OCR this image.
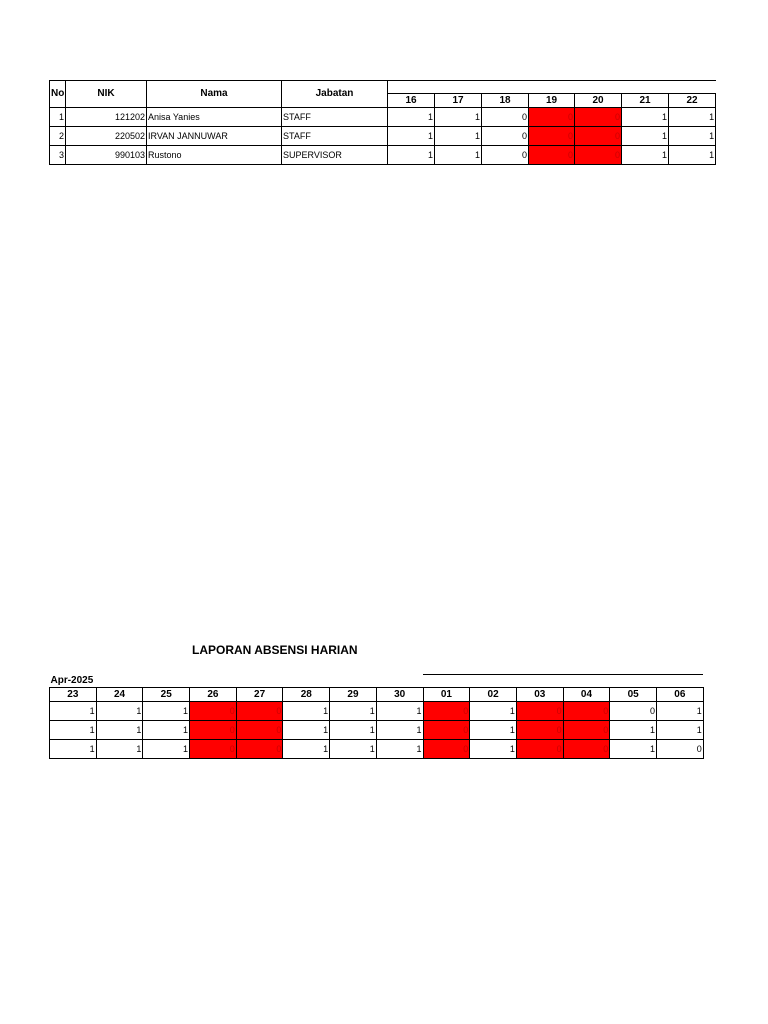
No	NIK	Nama	Jabatan							
				16	17	18	19	20	21	22
1	121202	Anisa Yanies	STAFF	1	1	0	0	0	1	1
2	220502	IRVAN JANNUWAR	STAFF	1	1	0	0	0	1	1
3	990103	Rustono	SUPERVISOR	1	1	0	0	0	1	1
LAPORAN ABSENSI HARIAN
Apr-2025													
23	24	25	26	27	28	29	30	01	02	03	04	05	06
1	1	1	0	0	1	1	1	0	1	0	0	0	1
1	1	1	0	0	1	1	1	0	1	0	0	1	1
1	1	1	0	0	1	1	1	0	1	0	0	1	0
